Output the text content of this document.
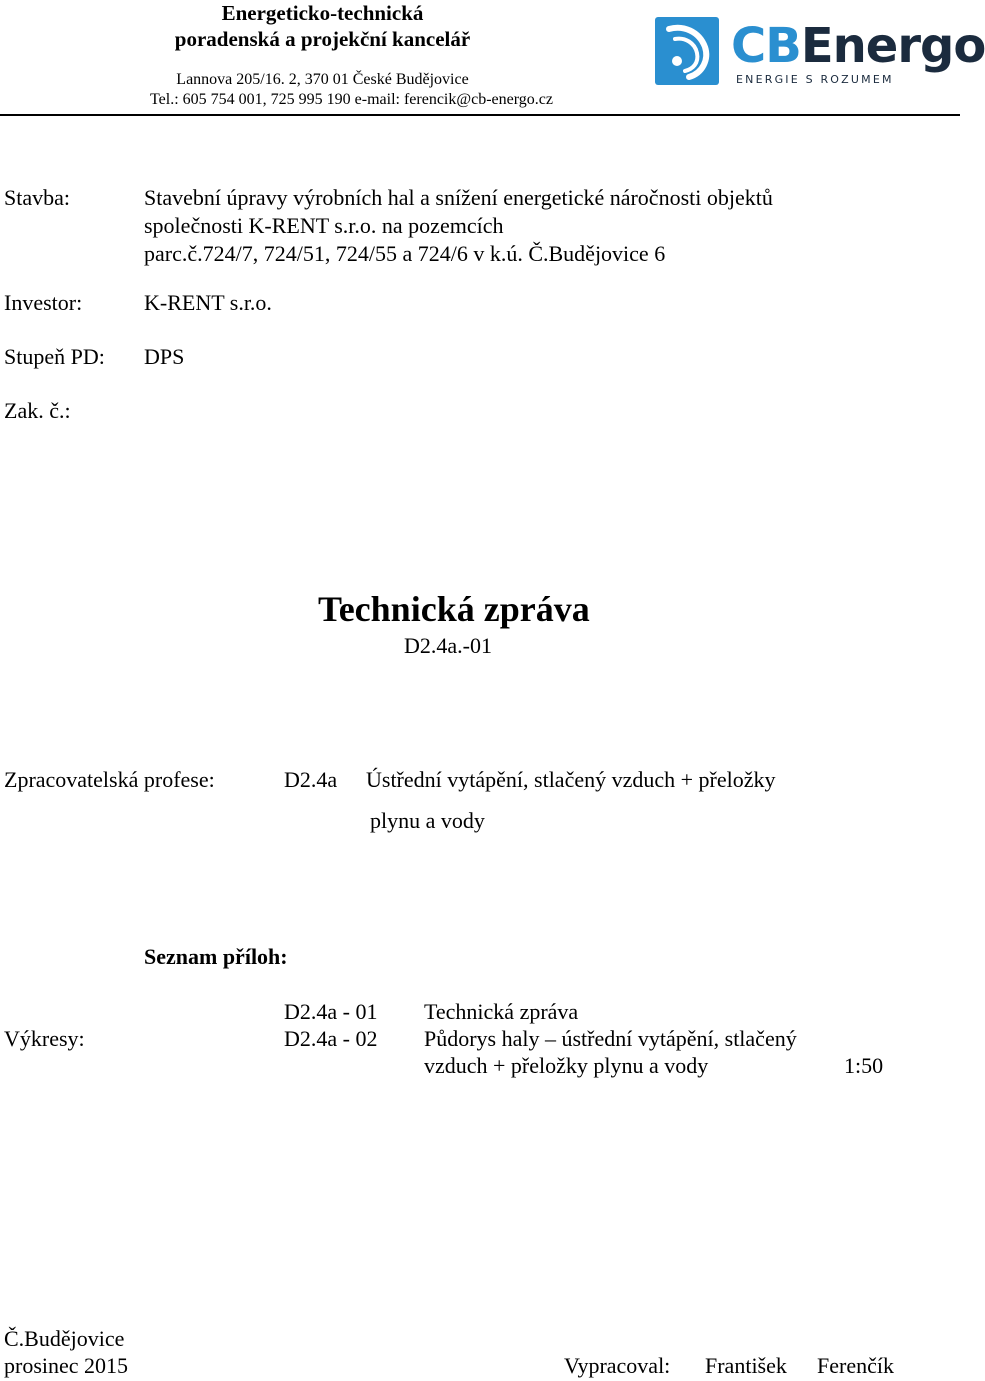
Energeticko-technická
poradenská a projekční kancelář
Lannova 205/16. 2, 370 01 České Budějovice
Tel.: 605 754 001, 725 995 190 e-mail: ferencik@cb-energo.cz
CBEnergo
ENERGIE S ROZUMEM
Stavba:	Stavební úpravy výrobních hal a snížení energetické náročnosti objektů
společnosti K-RENT s.r.o. na pozemcích
parc.č.724/7, 724/51, 724/55 a 724/6 v k.ú. Č.Budějovice 6
Investor:	K-RENT s.r.o.
Stupeň PD: DPS
Zak. č.:
Technická zpráva
D2.4a.-01
Zpracovatelská profese:	D2.4a Ústřední vytápění, stlačený vzduch + přeložky
plynu a vody
Seznam příloh:
D2.4a - 01 Technická zpráva
Výkresy:	D2.4a - 02 Půdorys haly – ústřední vytápění, stlačený
vzduch + přeložky plynu a vody	1:50
Č.Budějovice
prosinec 2015	Vypracoval: František Ferenčík
